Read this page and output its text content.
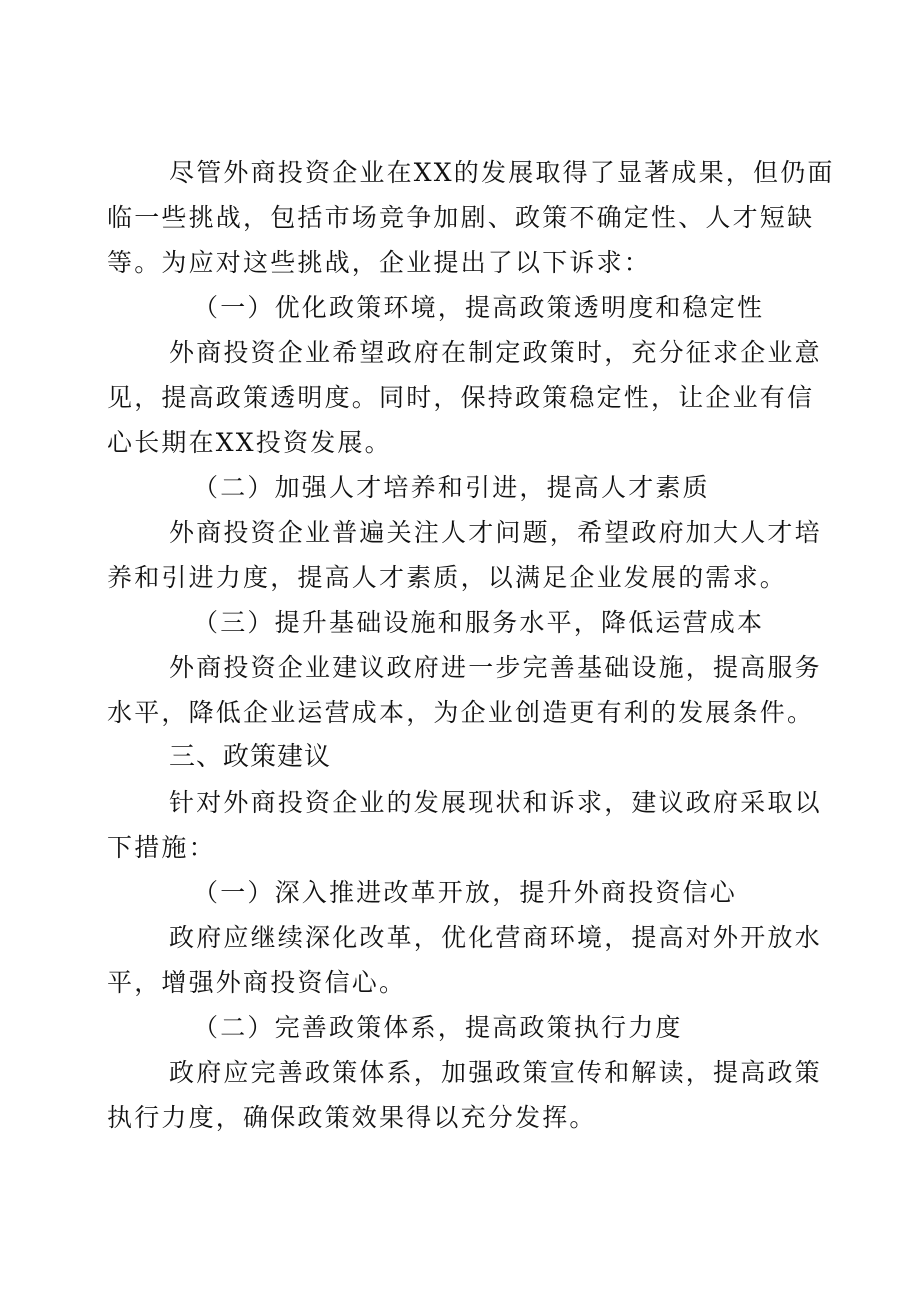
尽管外商投资企业在XX的发展取得了显著成果，但仍面
临一些挑战，包括市场竞争加剧、政策不确定性、人才短缺
等。为应对这些挑战，企业提出了以下诉求：
（一）优化政策环境，提高政策透明度和稳定性
外商投资企业希望政府在制定政策时，充分征求企业意
见，提高政策透明度。同时，保持政策稳定性，让企业有信
心长期在XX投资发展。
（二）加强人才培养和引进，提高人才素质
外商投资企业普遍关注人才问题，希望政府加大人才培
养和引进力度，提高人才素质，以满足企业发展的需求。
（三）提升基础设施和服务水平，降低运营成本
外商投资企业建议政府进一步完善基础设施，提高服务
水平，降低企业运营成本，为企业创造更有利的发展条件。
三、政策建议
针对外商投资企业的发展现状和诉求，建议政府采取以
下措施：
（一）深入推进改革开放，提升外商投资信心
政府应继续深化改革，优化营商环境，提高对外开放水
平，增强外商投资信心。
（二）完善政策体系，提高政策执行力度
政府应完善政策体系，加强政策宣传和解读，提高政策
执行力度，确保政策效果得以充分发挥。
